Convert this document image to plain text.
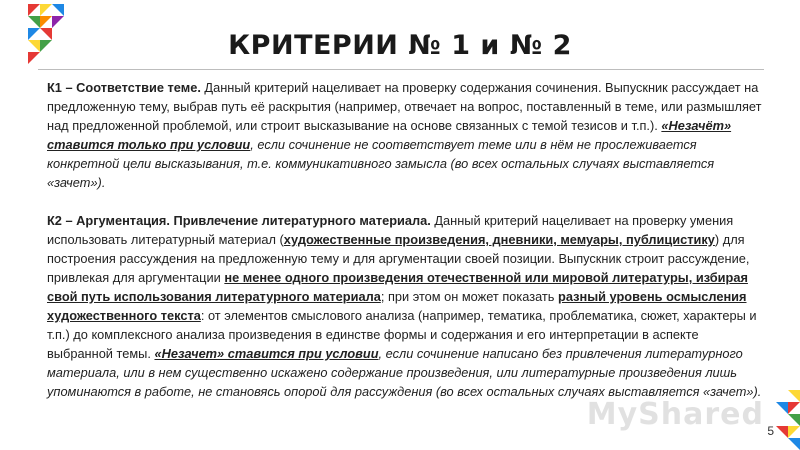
КРИТЕРИИ № 1 и № 2

К1 – Соответствие теме. Данный критерий нацеливает на проверку содержания сочинения. Выпускник рассуждает на предложенную тему, выбрав путь её раскрытия (например, отвечает на вопрос, поставленный в теме, или размышляет над предложенной проблемой, или строит высказывание на основе связанных с темой тезисов и т.п.). «Незачёт» ставится только при условии, если сочинение не соответствует теме или в нём не прослеживается конкретной цели высказывания, т.е. коммуникативного замысла (во всех остальных случаях выставляется «зачет»).

К2 – Аргументация. Привлечение литературного материала. Данный критерий нацеливает на проверку умения использовать литературный материал (художественные произведения, дневники, мемуары, публицистику) для построения рассуждения на предложенную тему и для аргументации своей позиции. Выпускник строит рассуждение, привлекая для аргументации не менее одного произведения отечественной или мировой литературы, избирая свой путь использования литературного материала; при этом он может показать разный уровень осмысления художественного текста: от элементов смыслового анализа (например, тематика, проблематика, сюжет, характеры и т.п.) до комплексного анализа произведения в единстве формы и содержания и его интерпретации в аспекте выбранной темы. «Незачет» ставится при условии, если сочинение написано без привлечения литературного материала, или в нем существенно искажено содержание произведения, или литературные произведения лишь упоминаются в работе, не становясь опорой для рассуждения (во всех остальных случаях выставляется «зачет»).

MyShared 5
